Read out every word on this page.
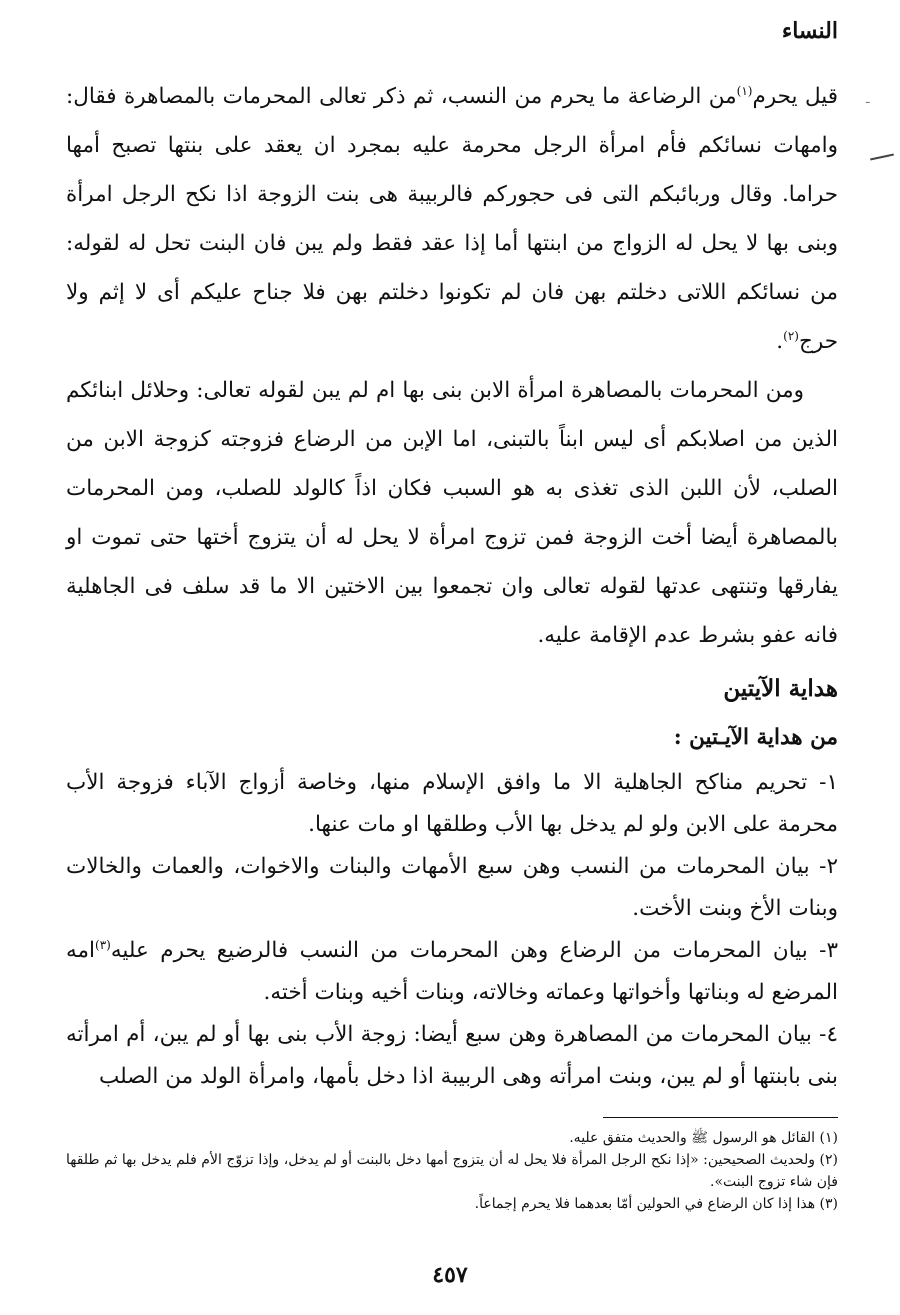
النساء
ـ

قيل يحرم$^{(١)}$من الرضاعة ما يحرم من النسب، ثم ذكر تعالى المحرمات بالمصاهرة فقال: وامهات نسائكم فأم امرأة الرجل محرمة عليه بمجرد ان يعقد على بنتها تصبح أمها حراما. وقال وربائبكم التى فى حجوركم فالربيبة هى بنت الزوجة اذا نكح الرجل امرأة وبنى بها لا يحل له الزواج من ابنتها أما إذا عقد فقط ولم يبن فان البنت تحل له لقوله: من نسائكم اللاتى دخلتم بهن فان لم تكونوا دخلتم بهن فلا جناح عليكم أى لا إثم ولا حرج$^{(٢)}$.

ومن المحرمات بالمصاهرة امرأة الابن بنى بها ام لم يبن لقوله تعالى: وحلائل ابنائكم الذين من اصلابكم أى ليس ابناً بالتبنى، اما الإبن من الرضاع فزوجته كزوجة الابن من الصلب، لأن اللبن الذى تغذى به هو السبب فكان اذاً كالولد للصلب، ومن المحرمات بالمصاهرة أيضا أخت الزوجة فمن تزوج امرأة لا يحل له أن يتزوج أختها حتى تموت او يفارقها وتنتهى عدتها لقوله تعالى وان تجمعوا بين الاختين الا ما قد سلف فى الجاهلية فانه عفو بشرط عدم الإقامة عليه.

هداية الآيتين
من هداية الآيـتين :

١- تحريم مناكح الجاهلية الا ما وافق الإسلام منها، وخاصة أزواج الآباء فزوجة الأب محرمة على الابن ولو لم يدخل بها الأب وطلقها او مات عنها.

٢- بيان المحرمات من النسب وهن سبع الأمهات والبنات والاخوات، والعمات والخالات وبنات الأخ وبنت الأخت.

٣- بيان المحرمات من الرضاع وهن المحرمات من النسب فالرضيع يحرم عليه$^{(٣)}$امه المرضع له وبناتها وأخواتها وعماته وخالاته، وبنات أخيه وبنات أخته.

٤- بيان المحرمات من المصاهرة وهن سبع أيضا: زوجة الأب بنى بها أو لم يبن، أم امرأته بنى بابنتها أو لم يبن، وبنت امرأته وهى الربيبة اذا دخل بأمها، وامرأة الولد من الصلب

(١) القائل هو الرسول ﷺ والحديث متفق عليه.

(٢) ولحديث الصحيحين: «إذا نكح الرجل المرأة فلا يحل له أن يتزوج أمها دخل بالبنت أو لم يدخل، وإذا تزوّج الأم فلم يدخل بها ثم طلقها فإن شاء تزوج البنت».

(٣) هذا إذا كان الرضاع في الحولين أمّا بعدهما فلا يحرم إجماعاً.

٤٥٧
